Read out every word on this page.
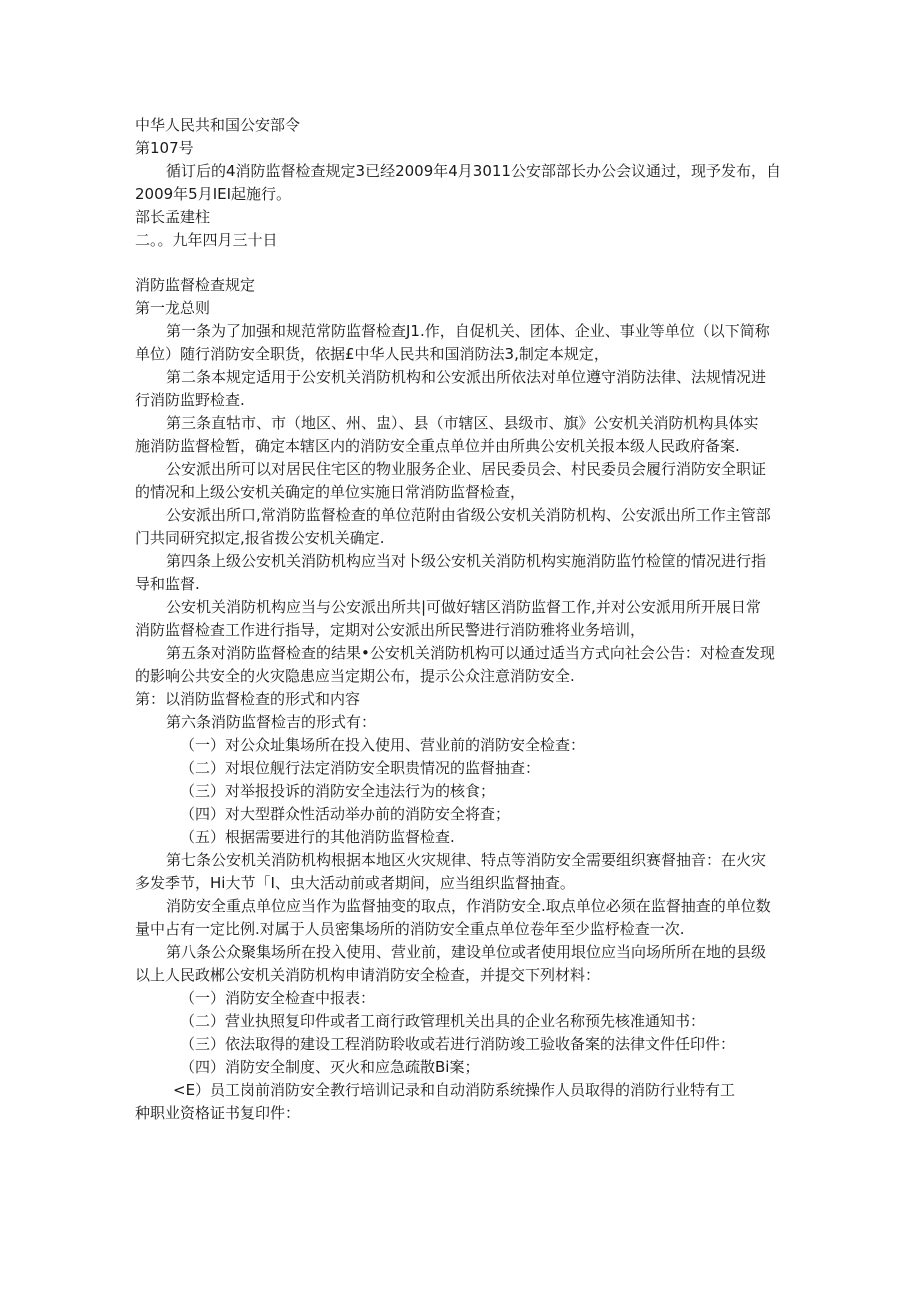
中华人民共和国公安部令

第107号

循订后的4消防监督检查规定3已经2009年4月3011公安部部长办公会议通过，现予发布，自

2009年5月IEI起施行。

部长孟建柱

二。。九年四月三十日

消防监督检查规定

第一龙总则

第一条为了加强和规范常防监督检查J1.作，自促机关、团体、企业、事业等单位（以下简称

单位）随行消防安全职货，依据£中华人民共和国消防法3,制定本规定，

第二条本规定适用于公安机关消防机构和公安派出所依法对单位遵守消防法律、法规情况进

行消防监野检查.

第三条直牯市、市（地区、州、盅）、县（市辖区、县级市、旗》公安机关消防机构具体实

施消防监督检暂，确定本辖区内的消防安全重点单位并由所典公安机关报本级人民政府备案.

公安派出所可以对居民住宅区的物业服务企业、居民委员会、村民委员会履行消防安全职证

的情况和上级公安机关确定的单位实施日常消防监督检查，

公安派出所口,常消防监督检查的单位范附由省级公安机关消防机构、公安派出所工作主管部

门共同研究拟定,报省拨公安机关确定.

第四条上级公安机关消防机构应当对卜级公安机关消防机构实施消防监竹检筐的情况进行指

导和监督.

公安机关消防机构应当与公安派出所共|可做好辖区消防监督工作,并对公安派用所开展日常

消防监督检查工作进行指导，定期对公安派出所民警进行消防雅将业务培训，

第五条对消防监督检查的结果•公安机关消防机构可以通过适当方式向社会公告：对检查发现

的影响公共安全的火灾隐患应当定期公布，提示公众注意消防安全.

第：以消防监督检查的形式和内容

第六条消防监督检吉的形式有：

（一）对公众址集场所在投入使用、营业前的消防安全检查：

（二）对垠位舰行法定消防安全职贵情况的监督抽查：

（三）对举报投诉的消防安全违法行为的核食；

（四）对大型群众性活动举办前的消防安全将査；

（五）根据需要进行的其他消防监督检查.

第七条公安机关消防机构根据本地区火灾规律、特点等消防安全需要组织赛督抽音：在火灾

多发季节，Hi大节「I、虫大活动前或者期间，应当组织监督抽査。

消防安全重点单位应当作为监督抽变的取点，作消防安全.取点单位必须在监督抽查的单位数

量中占有一定比例.对属于人员密集场所的消防安全重点单位卷年至少监杼检查一次.

第八条公众聚集场所在投入使用、营业前，建设单位或者使用垠位应当向场所所在地的县级

以上人民政郴公安机关消防机构申请消防安全检查，并提交下列材料：

（一）消防安全检查中报表：

（二）营业执照复印件或者工商行政管理机关出具的企业名称预先核准通知书：

（三）依法取得的建设工程消防聆收或若进行消防竣工验收备案的法律文件任印件：

（四）消防安全制度、灭火和应急疏散Bi案；

<E）员工岗前消防安全教行培训记录和自动消防系统操作人员取得的消防行业特有工

种职业资格证书复印件：
